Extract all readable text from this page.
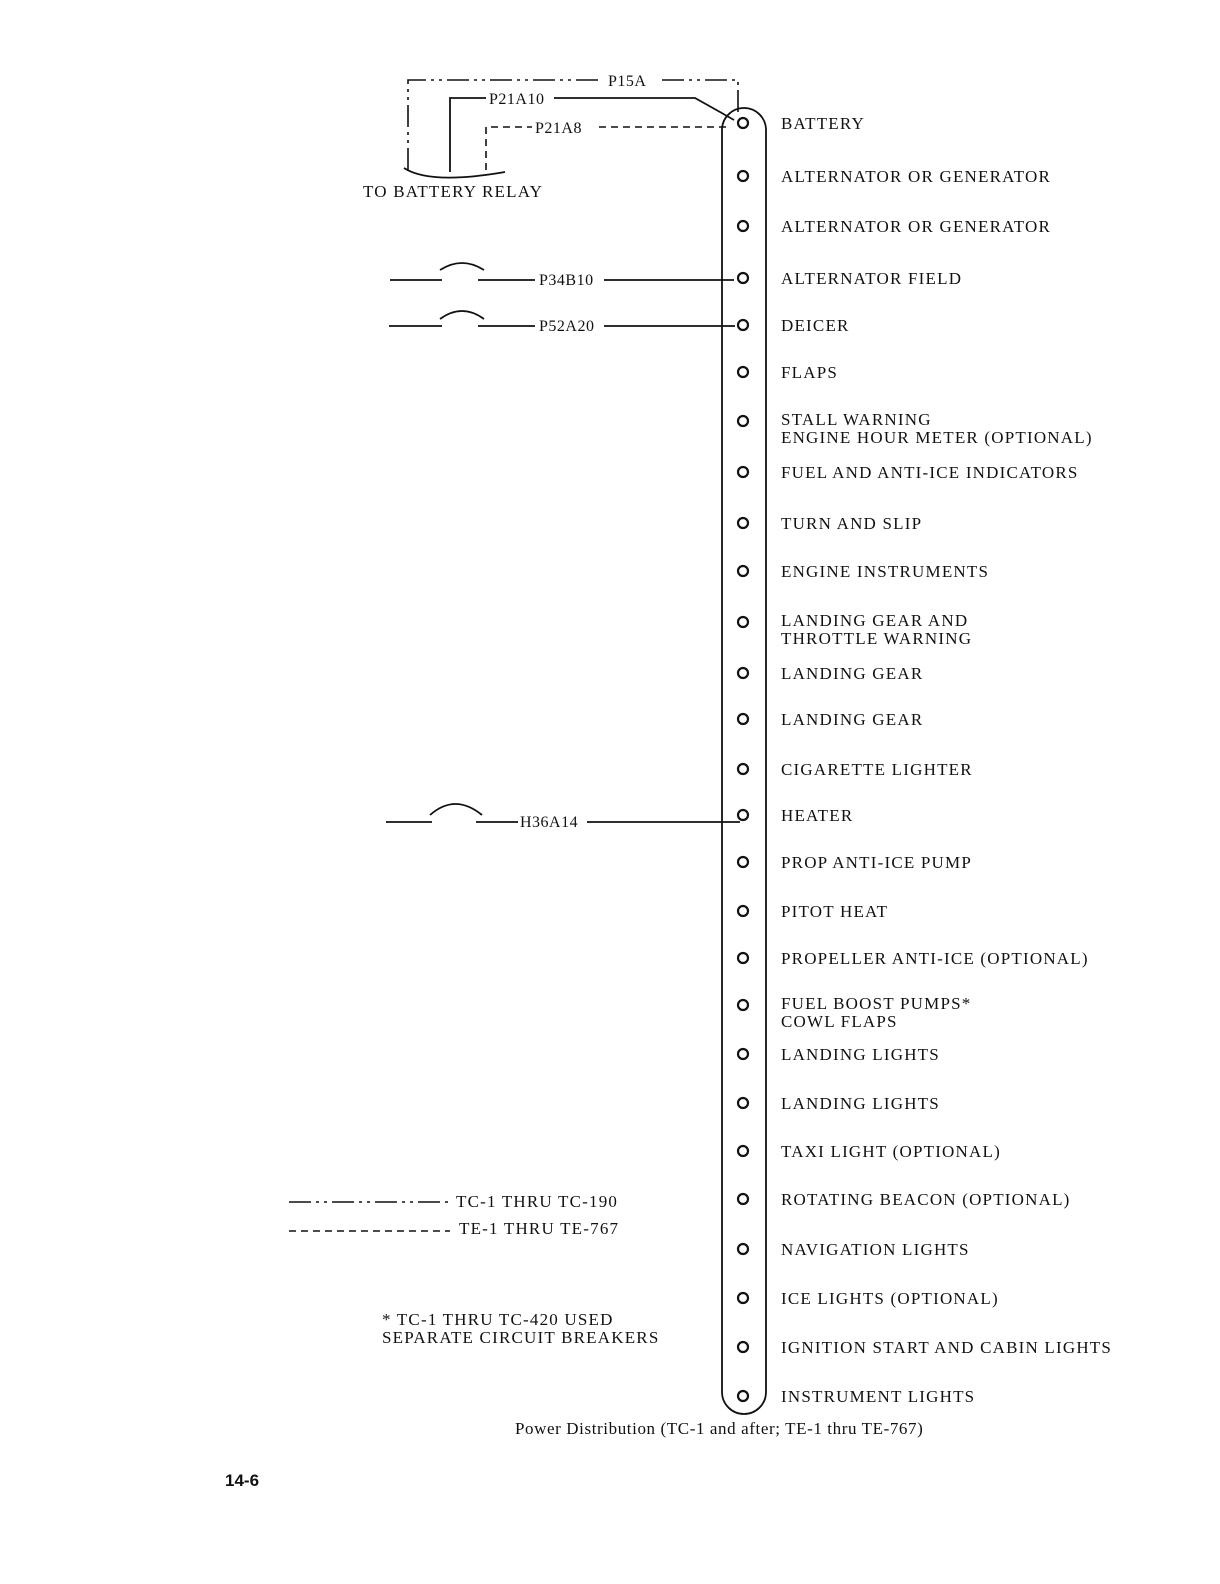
BATTERY
ALTERNATOR OR GENERATOR
ALTERNATOR OR GENERATOR
ALTERNATOR FIELD
DEICER
FLAPS
STALL WARNING
ENGINE HOUR METER (OPTIONAL)
FUEL AND ANTI-ICE INDICATORS
TURN AND SLIP
ENGINE INSTRUMENTS
LANDING GEAR AND
THROTTLE WARNING
LANDING GEAR
LANDING GEAR
CIGARETTE LIGHTER
HEATER
PROP ANTI-ICE PUMP
PITOT HEAT
PROPELLER ANTI-ICE (OPTIONAL)
FUEL BOOST PUMPS*
COWL FLAPS
LANDING LIGHTS
LANDING LIGHTS
TAXI LIGHT (OPTIONAL)
ROTATING BEACON (OPTIONAL)
NAVIGATION LIGHTS
ICE LIGHTS (OPTIONAL)
IGNITION START AND CABIN LIGHTS
INSTRUMENT LIGHTS
P15A
P21A10
P21A8
TO BATTERY RELAY
P34B10
P52A20
H36A14
TC-1 THRU TC-190
TE-1 THRU TE-767
* TC-1 THRU TC-420 USED
SEPARATE CIRCUIT BREAKERS
Power Distribution (TC-1 and after; TE-1 thru TE-767)
14-6
